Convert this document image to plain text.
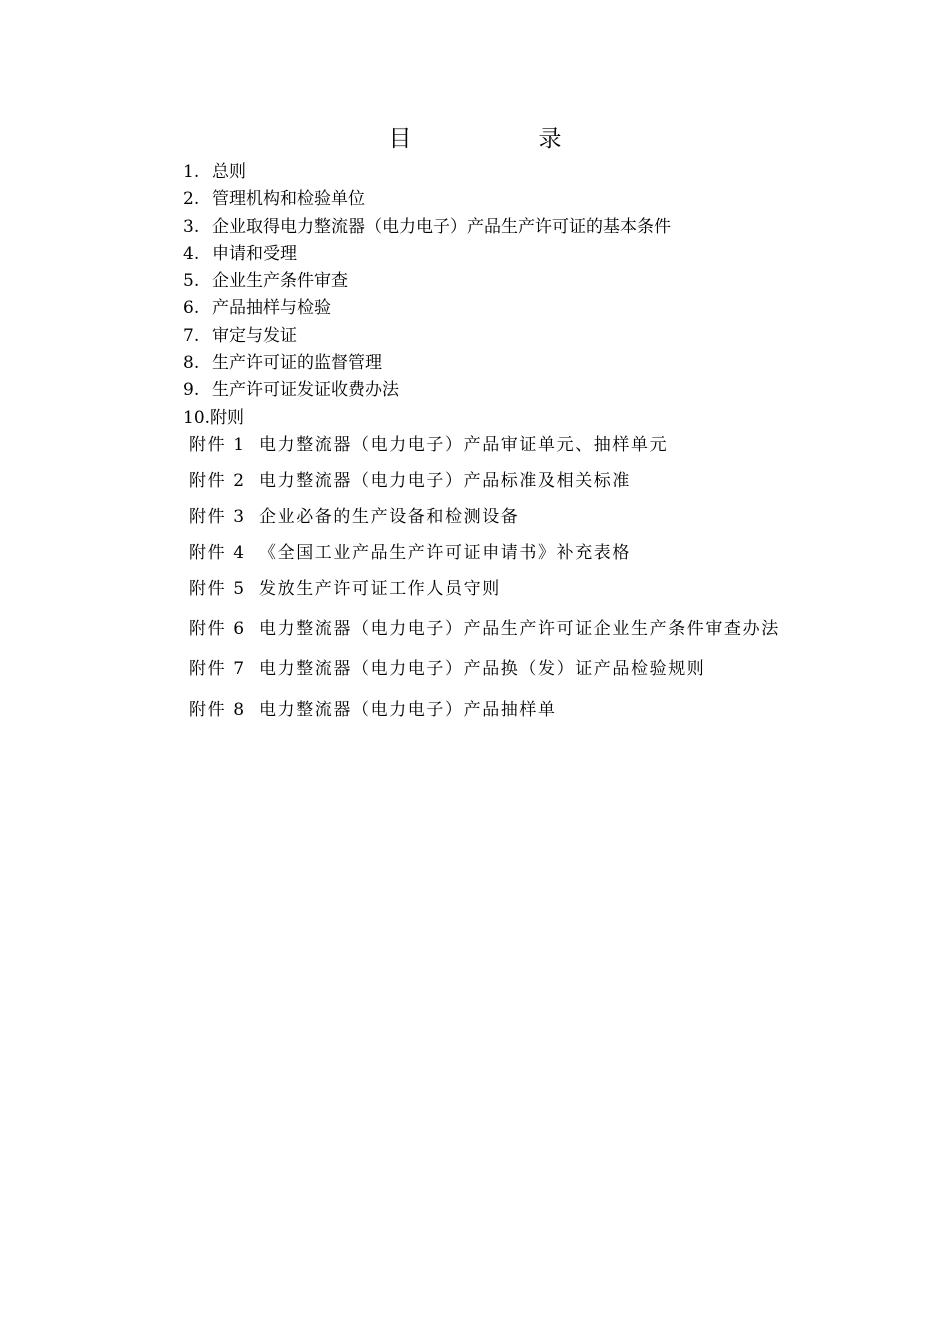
目　录
1. 总则
2. 管理机构和检验单位
3. 企业取得电力整流器（电力电子）产品生产许可证的基本条件
4. 申请和受理
5. 企业生产条件审查
6. 产品抽样与检验
7. 审定与发证
8. 生产许可证的监督管理
9. 生产许可证发证收费办法
10.附则
附件 1 电力整流器（电力电子）产品审证单元、抽样单元
附件 2 电力整流器（电力电子）产品标准及相关标准
附件 3 企业必备的生产设备和检测设备
附件 4 《全国工业产品生产许可证申请书》补充表格
附件 5 发放生产许可证工作人员守则
附件 6 电力整流器（电力电子）产品生产许可证企业生产条件审查办法
附件 7 电力整流器（电力电子）产品换（发）证产品检验规则
附件 8 电力整流器（电力电子）产品抽样单
